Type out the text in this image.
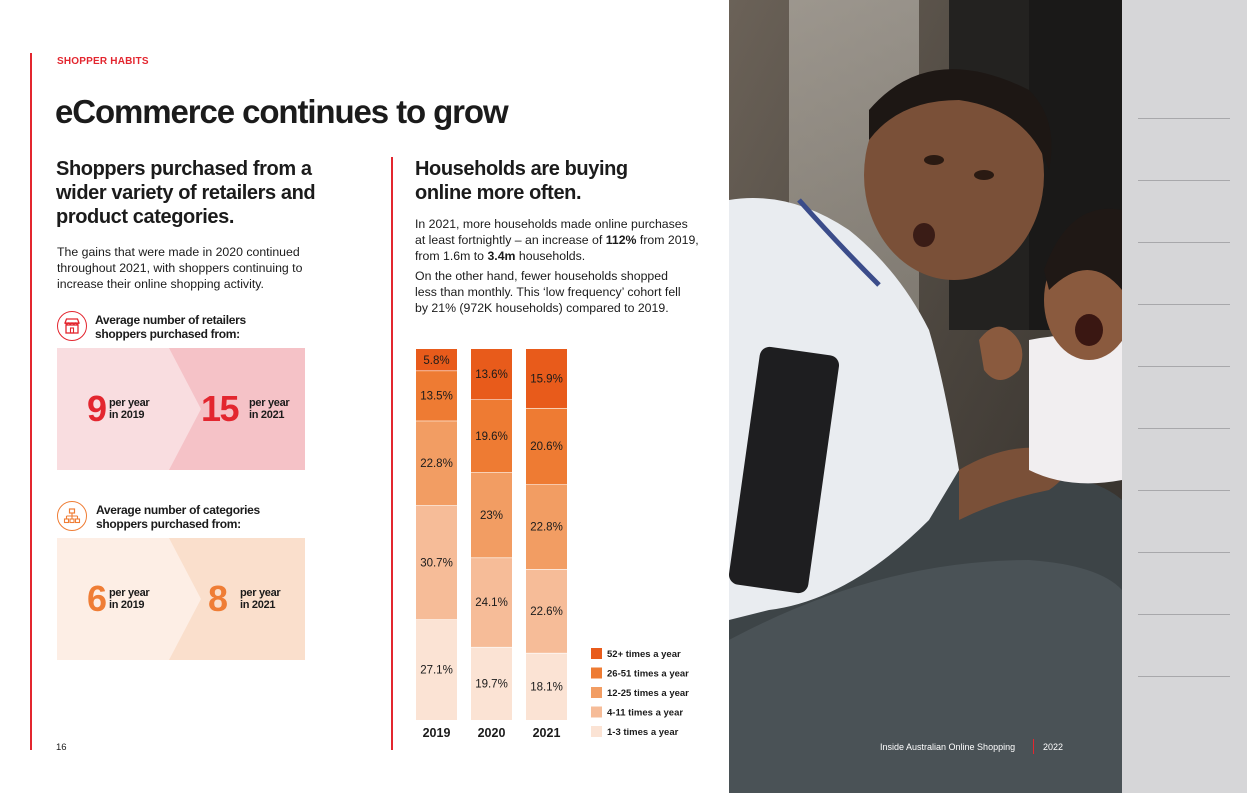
SHOPPER HABITS
eCommerce continues to grow
Shoppers purchased from a wider variety of retailers and product categories.
The gains that were made in 2020 continued throughout 2021, with shoppers continuing to increase their online shopping activity.
Average number of retailers shoppers purchased from:
9 per year in 2019	15 per year in 2021
Average number of categories shoppers purchased from:
6 per year in 2019	8 per year in 2021
Households are buying online more often.
In 2021, more households made online purchases at least fortnightly – an increase of 112% from 2019, from 1.6m to 3.4m households.
On the other hand, fewer households shopped less than monthly. This ‘low frequency’ cohort fell by 21% (972K households) compared to 2019.
27.1%
30.7%
22.8%
13.5%
5.8%
2019
19.7%
24.1%
23%
19.6%
13.6%
2020
18.1%
22.6%
22.8%
20.6%
15.9%
2021
52+ times a year
26-51 times a year
12-25 times a year
4-11 times a year
1-3 times a year
16	Inside Australian Online Shopping	2022
